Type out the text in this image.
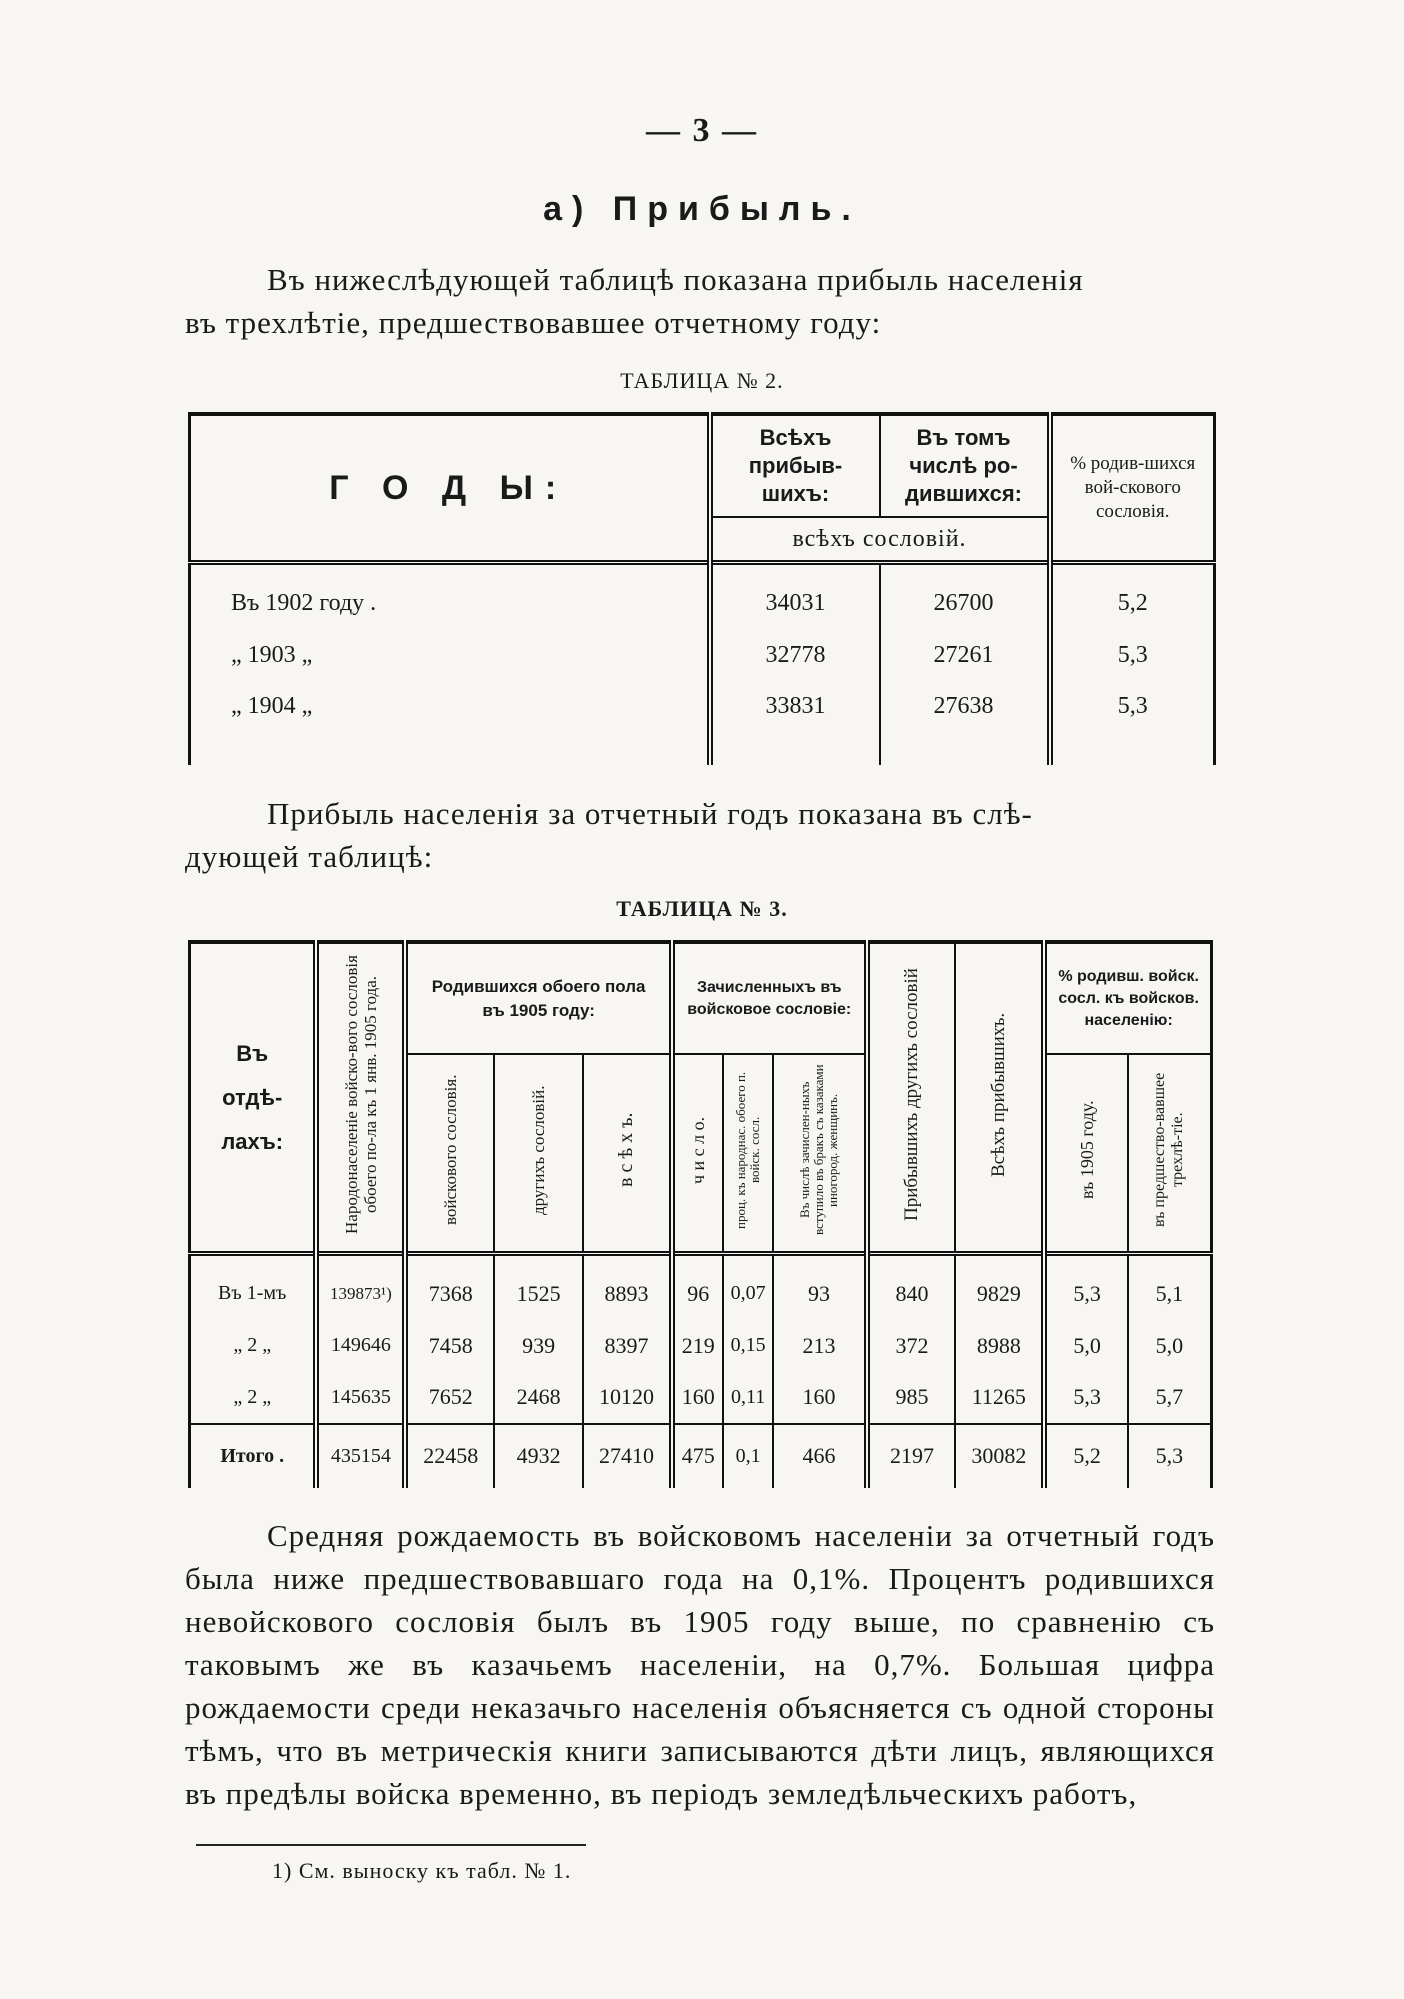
— 3 —
а) Прибыль.

Въ нижеслѣдующей таблицѣ показана прибыль населенія

въ трехлѣтіе, предшествовавшее отчетному году:

ТАБЛИЦА № 2.
Г О Д Ы:	Всѣхъ прибыв-шихъ:	Въ томъ числѣ ро-дившихся:	% родив-шихся вой-скового сословія.
	всѣхъ сословій.		

Въ 1902 году .	34031	26700	5,2
„ 1903 „	32778	27261	5,3
„ 1904 „	33831	27638	5,3

Прибыль населенія за отчетный годъ показана въ слѣ-

дующей таблицѣ:

ТАБЛИЦА № 3.
Въ отдѣ-лахъ:	Народонаселеніе войско-вого сословія обоего по-ла къ 1 янв. 1905 года.	Родившихся обоего пола въ 1905 году:			Зачисленныхъ въ войсковое сословіе:			Прибывшихъ другихъ сословій	Всѣхъ прибывшихъ.	% родивш. войск. сосл. къ войсков. населенію:	

		войскового сословія.	другихъ сословій.	в с ѣ х ъ.	ч и с л о.	проц. къ народнас. обоего п. войск. сосл.	Въ числѣ зачислен-ныхъ вступило въ бракъ съ казаками иногород. женщинъ.			въ 1905 году.	въ предшество-вавшее трехлѣ-тіе.

Въ 1-мъ	139873¹)	7368	1525	8893	96	0,07	93	840	9829	5,3	5,1
„ 2 „	149646	7458	939	8397	219	0,15	213	372	8988	5,0	5,0
„ 2 „	145635	7652	2468	10120	160	0,11	160	985	11265	5,3	5,7
Итого .	435154	22458	4932	27410	475	0,1	466	2197	30082	5,2	5,3

Средняя рождаемость въ войсковомъ населеніи за отчетный годъ была ниже предшествовавшаго года на 0,1%. Процентъ родившихся невойскового сословія былъ въ 1905 году выше, по сравненію съ таковымъ же въ казачьемъ населеніи, на 0,7%. Большая цифра рождаемости среди неказачьго населенія объясняется съ одной стороны тѣмъ, что въ метрическія книги записываются дѣти лицъ, являющихся въ предѣлы войска временно, въ періодъ земледѣльческихъ работъ,

1) См. выноску къ табл. № 1.
